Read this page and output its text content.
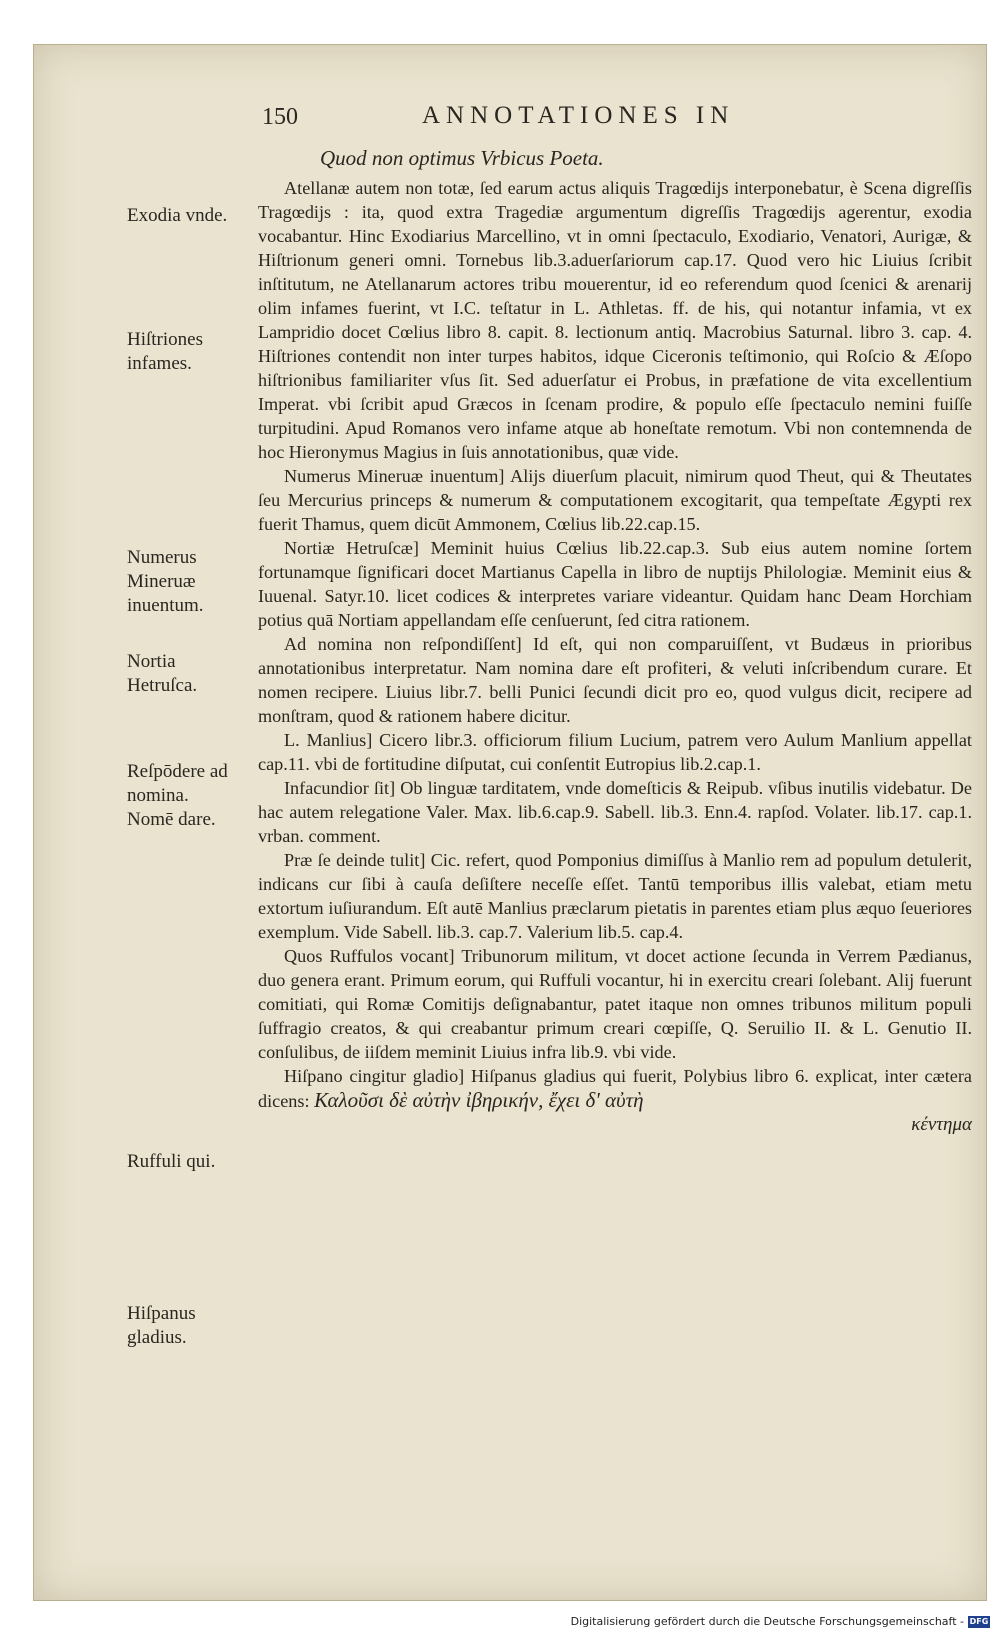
150	ANNOTATIONES IN
Quod non optimus Vrbicus Poeta.
Exodia vnde.
Hiſtriones infames.
Numerus Mineruæ inuentum.
Nortia Hetruſca.
Reſpōdere ad nomina.
Nomē dare.
Ruffuli qui.
Hiſpanus gladius.

Atellanæ autem non totæ, ſed earum actus aliquis Tragœdijs interponebatur, è Scena digreſſis Tragœdijs : ita, quod extra Tragediæ argumentum digreſſis Tragœdijs agerentur, exodia vocabantur. Hinc Exodiarius Marcellino, vt in omni ſpectaculo, Exodiario, Venatori, Aurigæ, & Hiſtrionum generi omni. Tornebus lib.3.aduerſariorum cap.17. Quod vero hic Liuius ſcribit inſtitutum, ne Atellanarum actores tribu mouerentur, id eo referendum quod ſcenici & arenarij olim infames fuerint, vt I.C. teſtatur in L. Athletas. ff. de his, qui notantur infamia, vt ex Lampridio docet Cœlius libro 8. capit. 8. lectionum antiq. Macrobius Saturnal. libro 3. cap. 4. Hiſtriones contendit non inter turpes habitos, idque Ciceronis teſtimonio, qui Roſcio & Æſopo hiſtrionibus familiariter vſus ſit. Sed aduerſatur ei Probus, in præfatione de vita excellentium Imperat. vbi ſcribit apud Græcos in ſcenam prodire, & populo eſſe ſpectaculo nemini fuiſſe turpitudini. Apud Romanos vero infame atque ab honeſtate remotum. Vbi non contemnenda de hoc Hieronymus Magius in ſuis annotationibus, quæ vide.

Numerus Mineruæ inuentum] Alijs diuerſum placuit, nimirum quod Theut, qui & Theutates ſeu Mercurius princeps & numerum & computationem excogitarit, qua tempeſtate Ægypti rex fuerit Thamus, quem dicūt Ammonem, Cœlius lib.22.cap.15.

Nortiæ Hetruſcæ] Meminit huius Cœlius lib.22.cap.3. Sub eius autem nomine ſortem fortunamque ſignificari docet Martianus Capella in libro de nuptijs Philologiæ. Meminit eius & Iuuenal. Satyr.10. licet codices & interpretes variare videantur. Quidam hanc Deam Horchiam potius quā Nortiam appellandam eſſe cenſuerunt, ſed citra rationem.

Ad nomina non reſpondiſſent] Id eſt, qui non comparuiſſent, vt Budæus in prioribus annotationibus interpretatur. Nam nomina dare eſt profiteri, & veluti inſcribendum curare. Et nomen recipere. Liuius libr.7. belli Punici ſecundi dicit pro eo, quod vulgus dicit, recipere ad monſtram, quod & rationem habere dicitur.

L. Manlius] Cicero libr.3. officiorum filium Lucium, patrem vero Aulum Manlium appellat cap.11. vbi de fortitudine diſputat, cui conſentit Eutropius lib.2.cap.1.

Infacundior ſit] Ob linguæ tarditatem, vnde domeſticis & Reipub. vſibus inutilis videbatur. De hac autem relegatione Valer. Max. lib.6.cap.9. Sabell. lib.3. Enn.4. rapſod. Volater. lib.17. cap.1. vrban. comment.

Præ ſe deinde tulit] Cic. refert, quod Pomponius dimiſſus à Manlio rem ad populum detulerit, indicans cur ſibi à cauſa deſiſtere neceſſe eſſet. Tantū temporibus illis valebat, etiam metu extortum iuſiurandum. Eſt autē Manlius præclarum pietatis in parentes etiam plus æquo ſeueriores exemplum. Vide Sabell. lib.3. cap.7. Valerium lib.5. cap.4.

Quos Ruffulos vocant] Tribunorum militum, vt docet actione ſecunda in Verrem Pædianus, duo genera erant. Primum eorum, qui Ruffuli vocantur, hi in exercitu creari ſolebant. Alij fuerunt comitiati, qui Romæ Comitijs deſignabantur, patet itaque non omnes tribunos militum populi ſuffragio creatos, & qui creabantur primum creari cœpiſſe, Q. Seruilio II. & L. Genutio II. conſulibus, de iiſdem meminit Liuius infra lib.9. vbi vide.

Hiſpano cingitur gladio] Hiſpanus gladius qui fuerit, Polybius libro 6. explicat, inter cætera dicens: Καλοῦσι δὲ αὐτὴν ἰβηρικήν, ἔχει δ' αὐτὴ

κέντημα

Digitalisierung gefördert durch die Deutsche Forschungsgemeinschaft - DFG
